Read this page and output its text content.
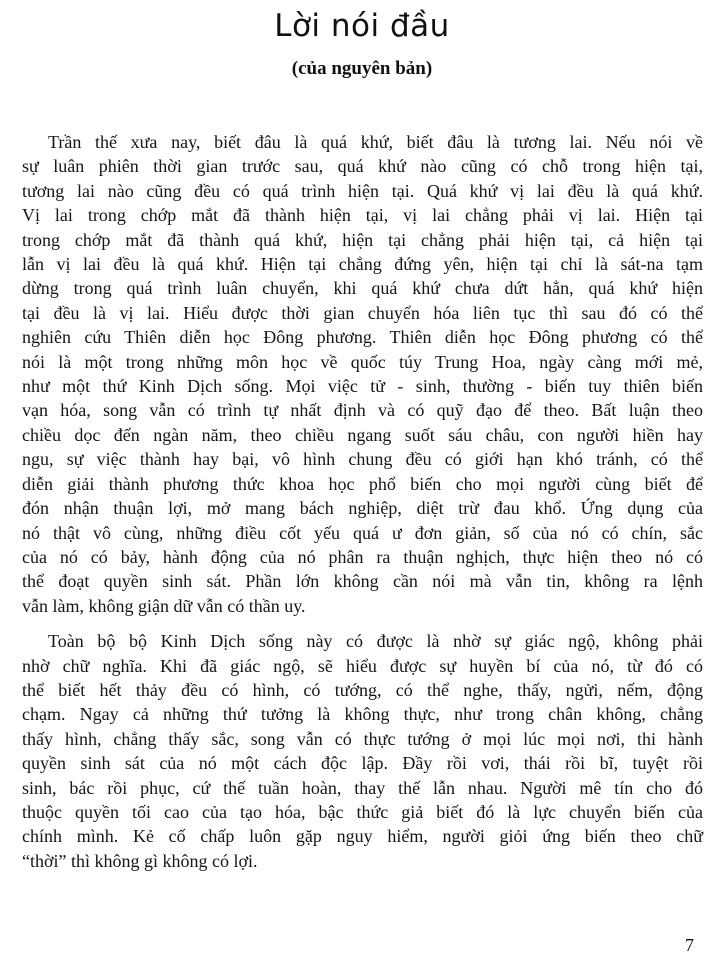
Lời nói đầu
(của nguyên bản)

Trần thế xưa nay, biết đâu là quá khứ, biết đâu là tương lai. Nếu nói về
sự luân phiên thời gian trước sau, quá khứ nào cũng có chỗ trong hiện tại,
tương lai nào cũng đều có quá trình hiện tại. Quá khứ vị lai đều là quá khứ.
Vị lai trong chớp mắt đã thành hiện tại, vị lai chẳng phải vị lai. Hiện tại
trong chớp mắt đã thành quá khứ, hiện tại chẳng phải hiện tại, cả hiện tại
lẫn vị lai đều là quá khứ. Hiện tại chẳng đứng yên, hiện tại chỉ là sát-na tạm
dừng trong quá trình luân chuyển, khi quá khứ chưa dứt hẳn, quá khứ hiện
tại đều là vị lai. Hiểu được thời gian chuyển hóa liên tục thì sau đó có thể
nghiên cứu Thiên diễn học Đông phương. Thiên diễn học Đông phương có thể
nói là một trong những môn học về quốc túy Trung Hoa, ngày càng mới mẻ,
như một thứ Kinh Dịch sống. Mọi việc tử - sinh, thường - biến tuy thiên biến
vạn hóa, song vẫn có trình tự nhất định và có quỹ đạo để theo. Bất luận theo
chiều dọc đến ngàn năm, theo chiều ngang suốt sáu châu, con người hiền hay
ngu, sự việc thành hay bại, vô hình chung đều có giới hạn khó tránh, có thể
diễn giải thành phương thức khoa học phổ biến cho mọi người cùng biết để
đón nhận thuận lợi, mở mang bách nghiệp, diệt trừ đau khổ. Ứng dụng của
nó thật vô cùng, những điều cốt yếu quá ư đơn giản, số của nó có chín, sắc
của nó có bảy, hành động của nó phân ra thuận nghịch, thực hiện theo nó có
thể đoạt quyền sinh sát. Phần lớn không cần nói mà vẫn tin, không ra lệnh
vẫn làm, không giận dữ vẫn có thần uy.

Toàn bộ bộ Kinh Dịch sống này có được là nhờ sự giác ngộ, không phải
nhờ chữ nghĩa. Khi đã giác ngộ, sẽ hiểu được sự huyền bí của nó, từ đó có
thể biết hết thảy đều có hình, có tướng, có thể nghe, thấy, ngửi, nếm, động
chạm. Ngay cả những thứ tưởng là không thực, như trong chân không, chẳng
thấy hình, chẳng thấy sắc, song vẫn có thực tướng ở mọi lúc mọi nơi, thi hành
quyền sinh sát của nó một cách độc lập. Đầy rồi vơi, thái rồi bĩ, tuyệt rồi
sinh, bác rồi phục, cứ thế tuần hoàn, thay thế lẫn nhau. Người mê tín cho đó
thuộc quyền tối cao của tạo hóa, bậc thức giả biết đó là lực chuyển biến của
chính mình. Kẻ cố chấp luôn gặp nguy hiểm, người giỏi ứng biến theo chữ
“thời” thì không gì không có lợi.

7
